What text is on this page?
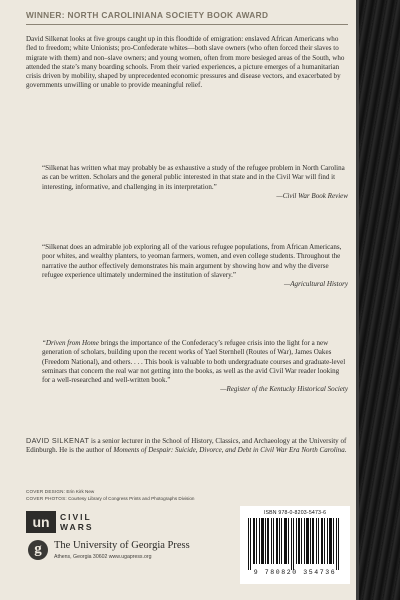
WINNER: NORTH CAROLINIANA SOCIETY BOOK AWARD

David Silkenat looks at five groups caught up in this floodtide of emigration: enslaved African Americans who fled to freedom; white Unionists; pro-Confederate whites—both slave owners (who often forced their slaves to migrate with them) and non–slave owners; and young women, often from more besieged areas of the South, who attended the state’s many boarding schools. From their varied experiences, a picture emerges of a humanitarian crisis driven by mobility, shaped by unprecedented economic pressures and disease vectors, and exacerbated by governments unwilling or unable to provide meaningful relief.

“Silkenat has written what may probably be as exhaustive a study of the refugee problem in North Carolina as can be written. Scholars and the general public interested in that state and in the Civil War will find it interesting, informative, and challenging in its interpretation.”
—Civil War Book Review
“Silkenat does an admirable job exploring all of the various refugee populations, from African Americans, poor whites, and wealthy planters, to yeoman farmers, women, and even college students. Throughout the narrative the author effectively demonstrates his main argument by showing how and why the diverse refugee experience ultimately undermined the institution of slavery.”
—Agricultural History
“Driven from Home brings the importance of the Confederacy’s refugee crisis into the light for a new generation of scholars, building upon the recent works of Yael Sternhell (Routes of War), James Oakes (Freedom National), and others. . . . This book is valuable to both undergraduate courses and graduate-level seminars that concern the real war not getting into the books, as well as the avid Civil War reader looking for a well-researched and well-written book.”
—Register of the Kentucky Historical Society

DAVID SILKENAT is a senior lecturer in the School of History, Classics, and Archaeology at the University of Edinburgh. He is the author of Moments of Despair: Suicide, Divorce, and Debt in Civil War Era North Carolina.

COVER DESIGN: Erin Kirk New
COVER PHOTOS: Courtesy Library of Congress Prints and Photographs Division
un	CIVIL
WARS
g	The University of Georgia Press
Athens, Georgia 30602 www.ugapress.org
ISBN 978-0-8203-5473-6
9 780820 354736
